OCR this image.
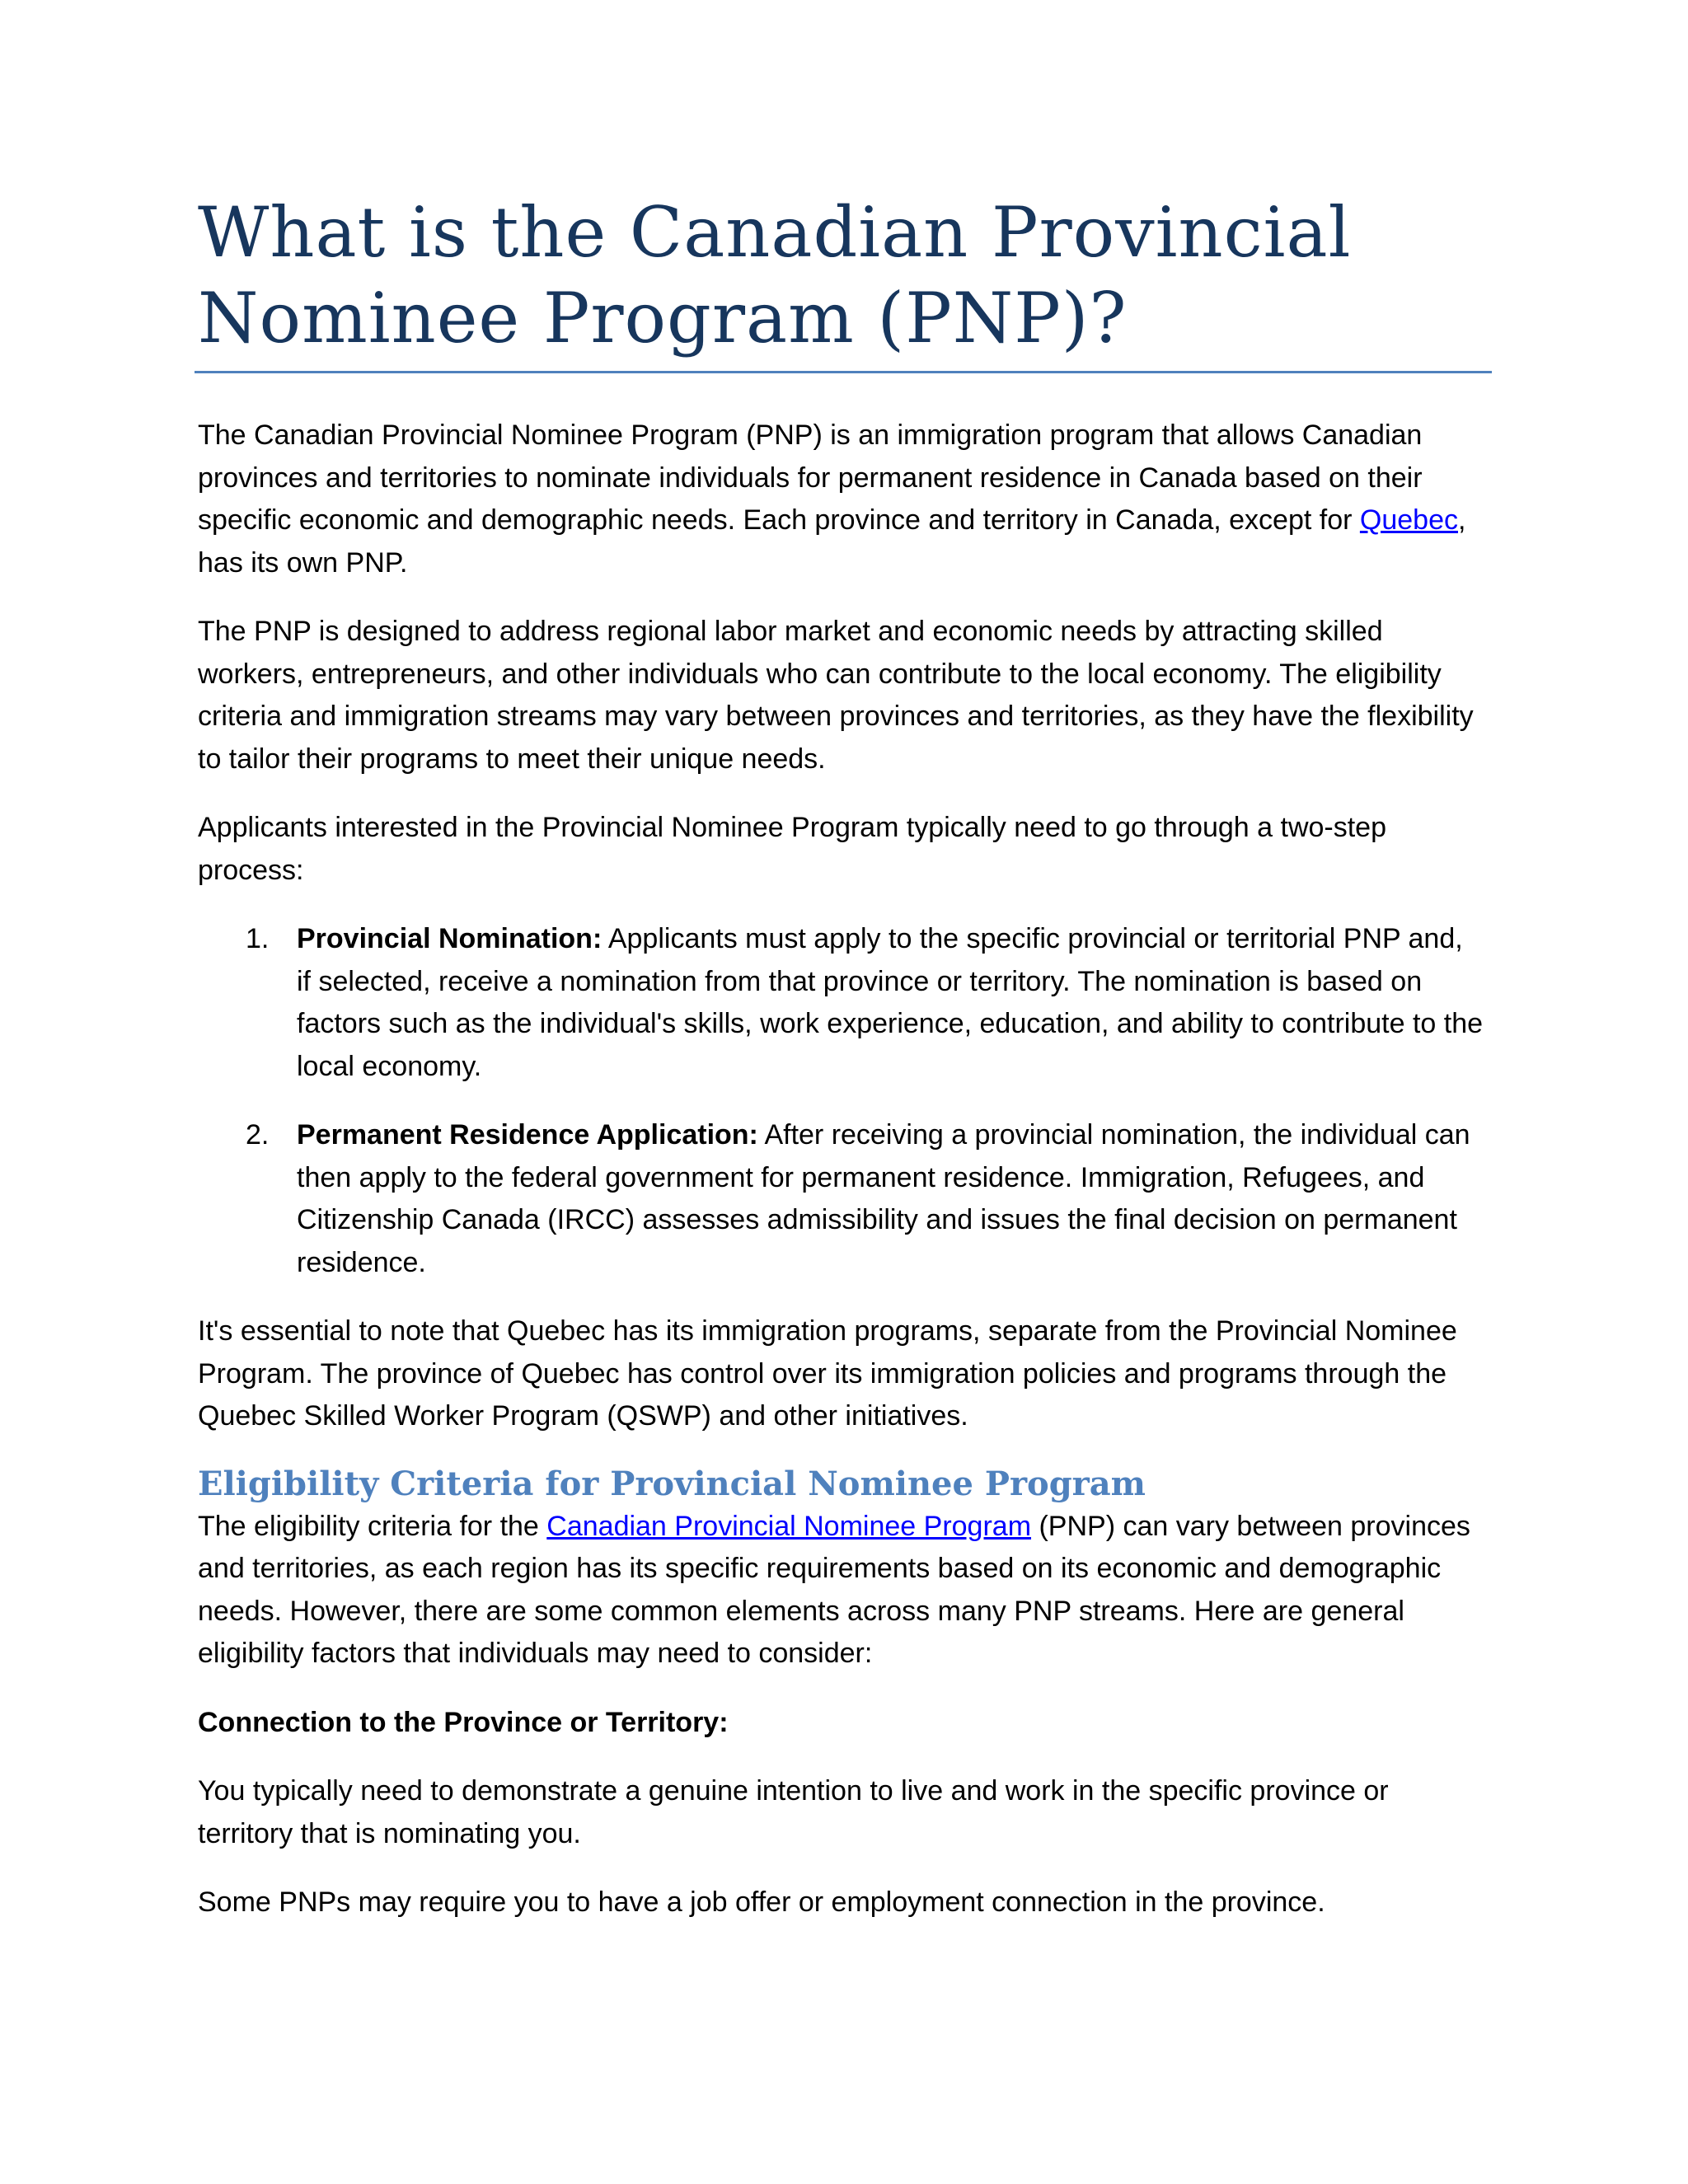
What is the Canadian Provincial Nominee Program (PNP)?

The Canadian Provincial Nominee Program (PNP) is an immigration program that allows Canadian provinces and territories to nominate individuals for permanent residence in Canada based on their specific economic and demographic needs. Each province and territory in Canada, except for Quebec, has its own PNP.

The PNP is designed to address regional labor market and economic needs by attracting skilled workers, entrepreneurs, and other individuals who can contribute to the local economy. The eligibility criteria and immigration streams may vary between provinces and territories, as they have the flexibility to tailor their programs to meet their unique needs.

Applicants interested in the Provincial Nominee Program typically need to go through a two-step process:

1. Provincial Nomination: Applicants must apply to the specific provincial or territorial PNP and, if selected, receive a nomination from that province or territory. The nomination is based on factors such as the individual's skills, work experience, education, and ability to contribute to the local economy.
2. Permanent Residence Application: After receiving a provincial nomination, the individual can then apply to the federal government for permanent residence. Immigration, Refugees, and Citizenship Canada (IRCC) assesses admissibility and issues the final decision on permanent residence.

It's essential to note that Quebec has its immigration programs, separate from the Provincial Nominee Program. The province of Quebec has control over its immigration policies and programs through the Quebec Skilled Worker Program (QSWP) and other initiatives.

Eligibility Criteria for Provincial Nominee Program

The eligibility criteria for the Canadian Provincial Nominee Program (PNP) can vary between provinces and territories, as each region has its specific requirements based on its economic and demographic needs. However, there are some common elements across many PNP streams. Here are general eligibility factors that individuals may need to consider:

Connection to the Province or Territory:

You typically need to demonstrate a genuine intention to live and work in the specific province or territory that is nominating you.

Some PNPs may require you to have a job offer or employment connection in the province.
